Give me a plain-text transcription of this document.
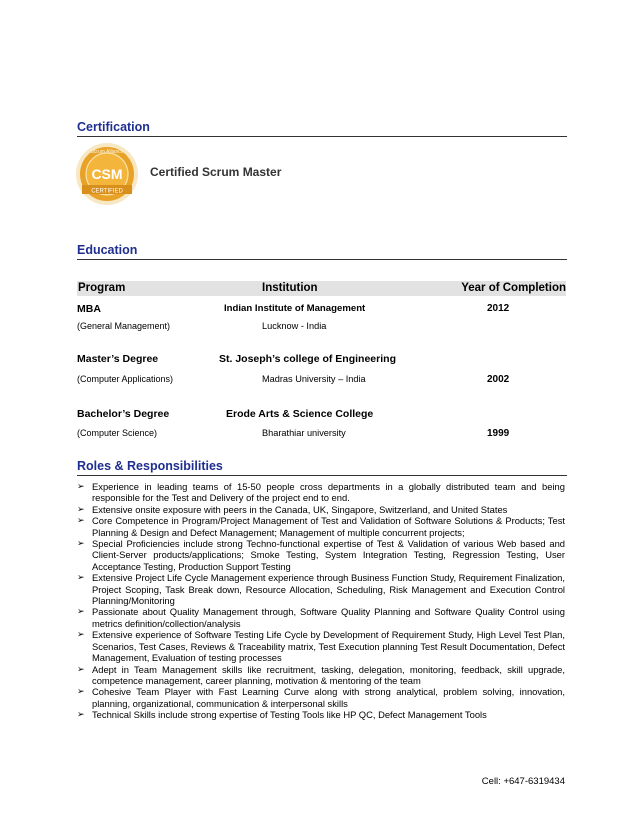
Certification
Scrum Alliance
CSM
CERTIFIED
Certified Scrum Master
Education
Program	Institution	Year of Completion
MBA	Indian Institute of Management	2012
(General Management)	Lucknow - India
Master’s Degree	St. Joseph’s college of Engineering
(Computer Applications)	Madras University – India	2002
Bachelor’s Degree	Erode Arts & Science College
(Computer Science)	Bharathiar university	1999
Roles & Responsibilities
➢ Experience in leading teams of 15-50 people cross departments in a globally distributed team and being responsible for the Test and Delivery of the project end to end.
➢ Extensive onsite exposure with peers in the Canada, UK, Singapore, Switzerland, and United States
➢ Core Competence in Program/Project Management of Test and Validation of Software Solutions & Products; Test Planning & Design and Defect Management; Management of multiple concurrent projects;
➢ Special Proficiencies include strong Techno-functional expertise of Test & Validation of various Web based and Client-Server products/applications; Smoke Testing, System Integration Testing, Regression Testing, User Acceptance Testing, Production Support Testing
➢ Extensive Project Life Cycle Management experience through Business Function Study, Requirement Finalization, Project Scoping, Task Break down, Resource Allocation, Scheduling, Risk Management and Execution Control Planning/Monitoring
➢ Passionate about Quality Management through, Software Quality Planning and Software Quality Control using metrics definition/collection/analysis
➢ Extensive experience of Software Testing Life Cycle by Development of Requirement Study, High Level Test Plan, Scenarios, Test Cases, Reviews & Traceability matrix, Test Execution planning Test Result Documentation, Defect Management, Evaluation of testing processes
➢ Adept in Team Management skills like recruitment, tasking, delegation, monitoring, feedback, skill upgrade, competence management, career planning, motivation & mentoring of the team
➢ Cohesive Team Player with Fast Learning Curve along with strong analytical, problem solving, innovation, planning, organizational, communication & interpersonal skills
➢ Technical Skills include strong expertise of Testing Tools like HP QC, Defect Management Tools
Cell: +647-6319434
